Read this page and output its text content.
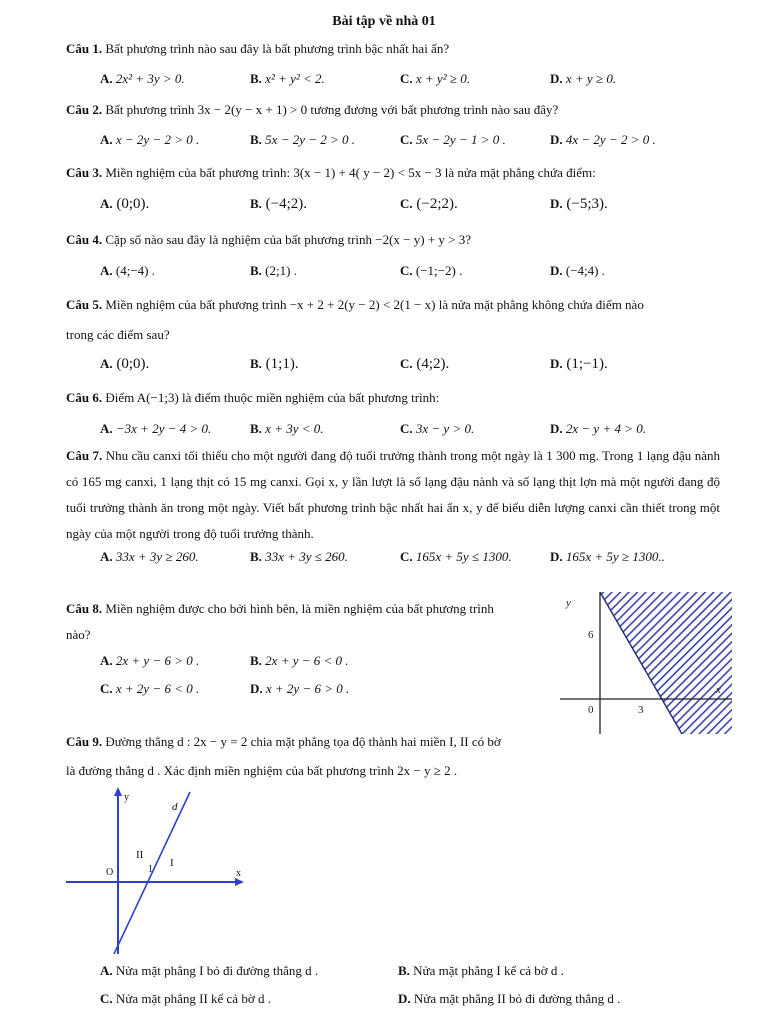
Bài tập về nhà 01
Câu 1. Bất phương trình nào sau đây là bất phương trình bậc nhất hai ẩn?
A. 2x² + 3y > 0.	B. x² + y² < 2.	C. x + y² ≥ 0.	D. x + y ≥ 0.
Câu 2. Bất phương trình 3x − 2(y − x + 1) > 0 tương đương với bất phương trình nào sau đây?
A. x − 2y − 2 > 0 .	B. 5x − 2y − 2 > 0 .	C. 5x − 2y − 1 > 0 .	D. 4x − 2y − 2 > 0 .
Câu 3. Miền nghiệm của bất phương trình: 3(x − 1) + 4( y − 2) < 5x − 3 là nửa mặt phẳng chứa điểm:
A. (0;0).	B. (−4;2).	C. (−2;2).	D. (−5;3).
Câu 4. Cặp số nào sau đây là nghiệm của bất phương trình −2(x − y) + y > 3?
A. (4;−4) .	B. (2;1) .	C. (−1;−2) .	D. (−4;4) .
Câu 5. Miền nghiệm của bất phương trình −x + 2 + 2(y − 2) < 2(1 − x) là nửa mặt phẳng không chứa điểm nào
trong các điểm sau?
A. (0;0).	B. (1;1).	C. (4;2).	D. (1;−1).
Câu 6. Điểm A(−1;3) là điểm thuộc miền nghiệm của bất phương trình:
A. −3x + 2y − 4 > 0.	B. x + 3y < 0.	C. 3x − y > 0.	D. 2x − y + 4 > 0.
Câu 7. Nhu cầu canxi tối thiểu cho một người đang độ tuổi trưởng thành trong một ngày là 1 300 mg. Trong 1 lạng đậu nành có 165 mg canxi, 1 lạng thịt có 15 mg canxi. Gọi x, y lần lượt là số lạng đậu nành và số lạng thịt lợn mà một người đang độ tuổi trưởng thành ăn trong một ngày. Viết bất phương trình bậc nhất hai ẩn x, y để biểu diễn lượng canxi cần thiết trong một ngày của một người trong độ tuổi trưởng thành.
A. 33x + 3y ≥ 260.	B. 33x + 3y ≤ 260.	C. 165x + 5y ≤ 1300.	D. 165x + 5y ≥ 1300..
Câu 8. Miền nghiệm được cho bởi hình bên, là miền nghiệm của bất phương trình
nào?
A. 2x + y − 6 > 0 .	B. 2x + y − 6 < 0 .
C. x + 2y − 6 < 0 .	D. x + 2y − 6 > 0 .
y
x
6
0	3
Câu 9. Đường thẳng d : 2x − y = 2 chia mặt phẳng tọa độ thành hai miền I, II có bờ
là đường thẳng d . Xác định miền nghiệm của bất phương trình 2x − y ≥ 2 .
y
x
O	1
d
I
II
A. Nửa mặt phẳng I bỏ đi đường thẳng d .	B. Nửa mặt phẳng I kể cả bờ d .
C. Nửa mặt phẳng II kể cả bờ d .	D. Nửa mặt phẳng II bỏ đi đường thẳng d .
